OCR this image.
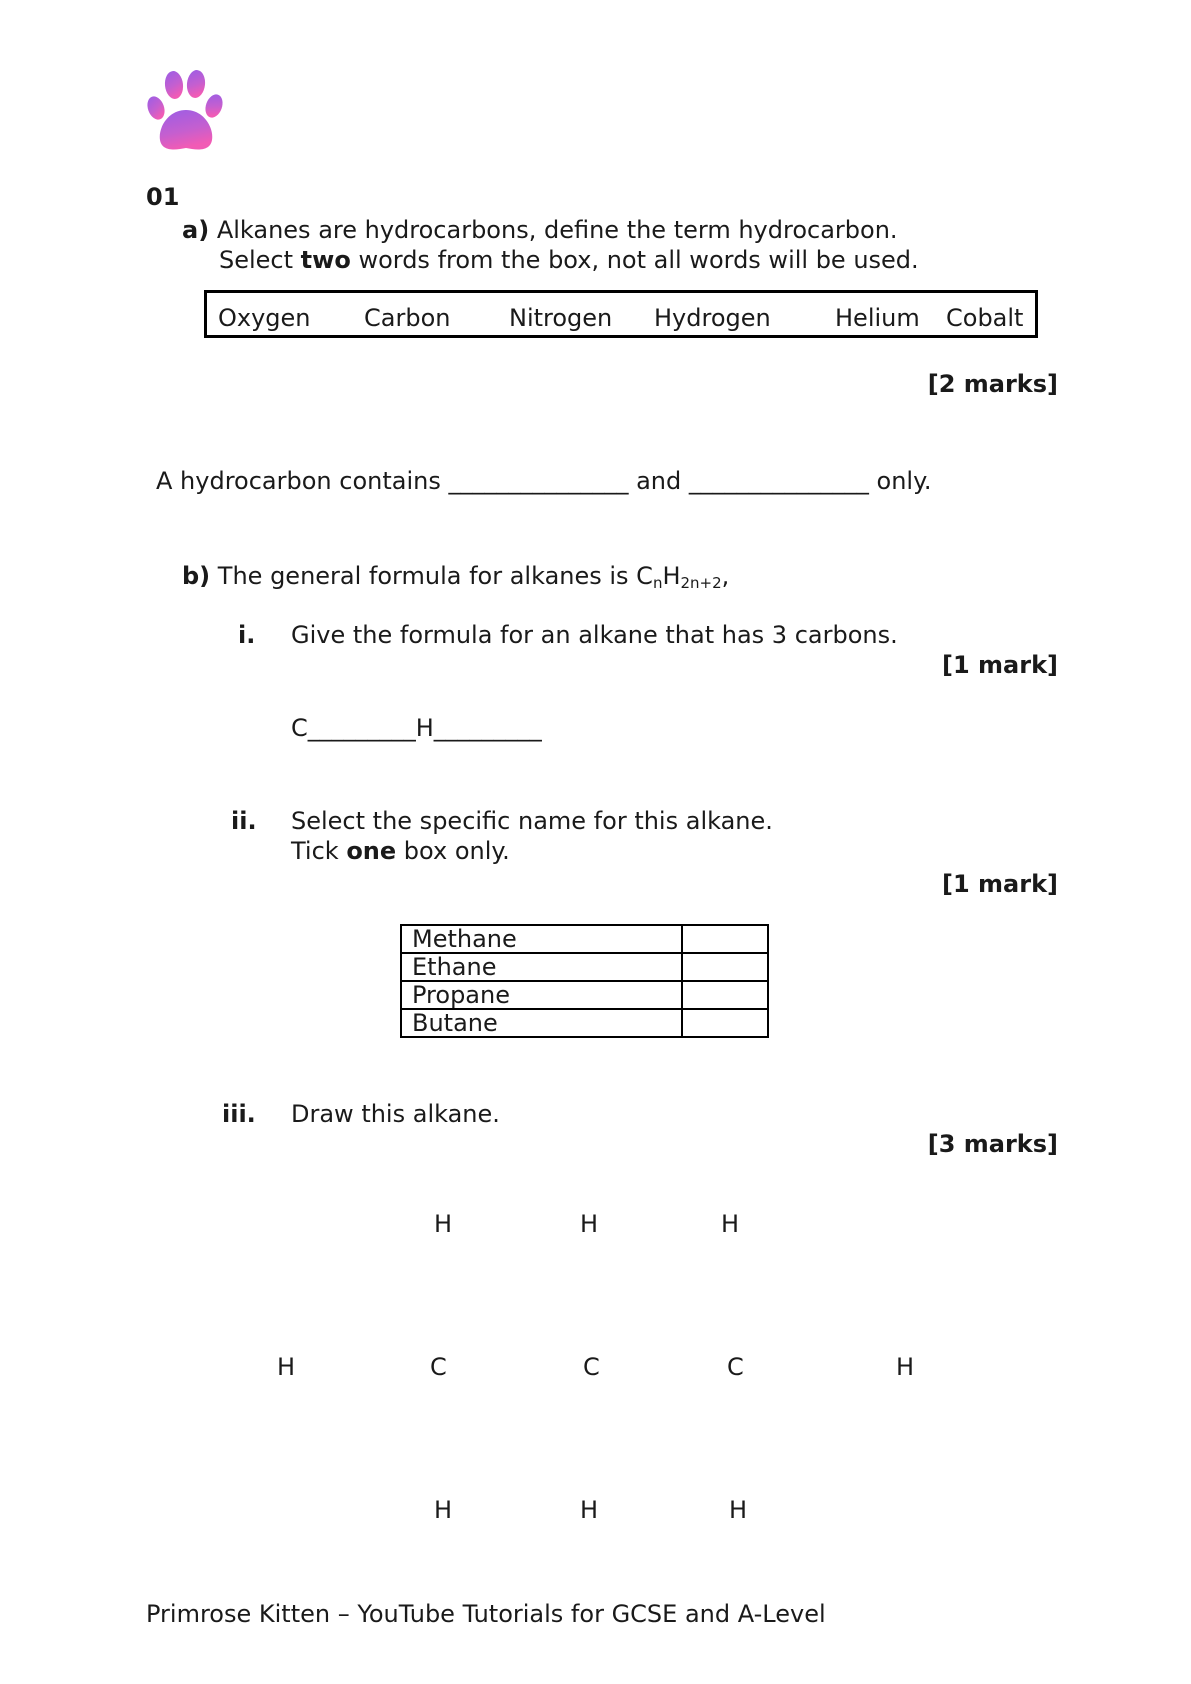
01
a) Alkanes are hydrocarbons, define the term hydrocarbon.
Select two words from the box, not all words will be used.
Oxygen Carbon Nitrogen Hydrogen	Helium Cobalt
[2 marks]
A hydrocarbon contains _______________ and _______________ only.
b) The general formula for alkanes is $C_nH_{2n+2}$,
i. Give the formula for an alkane that has 3 carbons.
[1 mark]
C_________H_________
ii. Select the specific name for this alkane.
Tick one box only.
[1 mark]
Methane	
Ethane	
Propane	
Butane	
iii. Draw this alkane.
[3 marks]
H	H	H
H	C	C	C	H
H	H	H
Primrose Kitten – YouTube Tutorials for GCSE and A-Level
